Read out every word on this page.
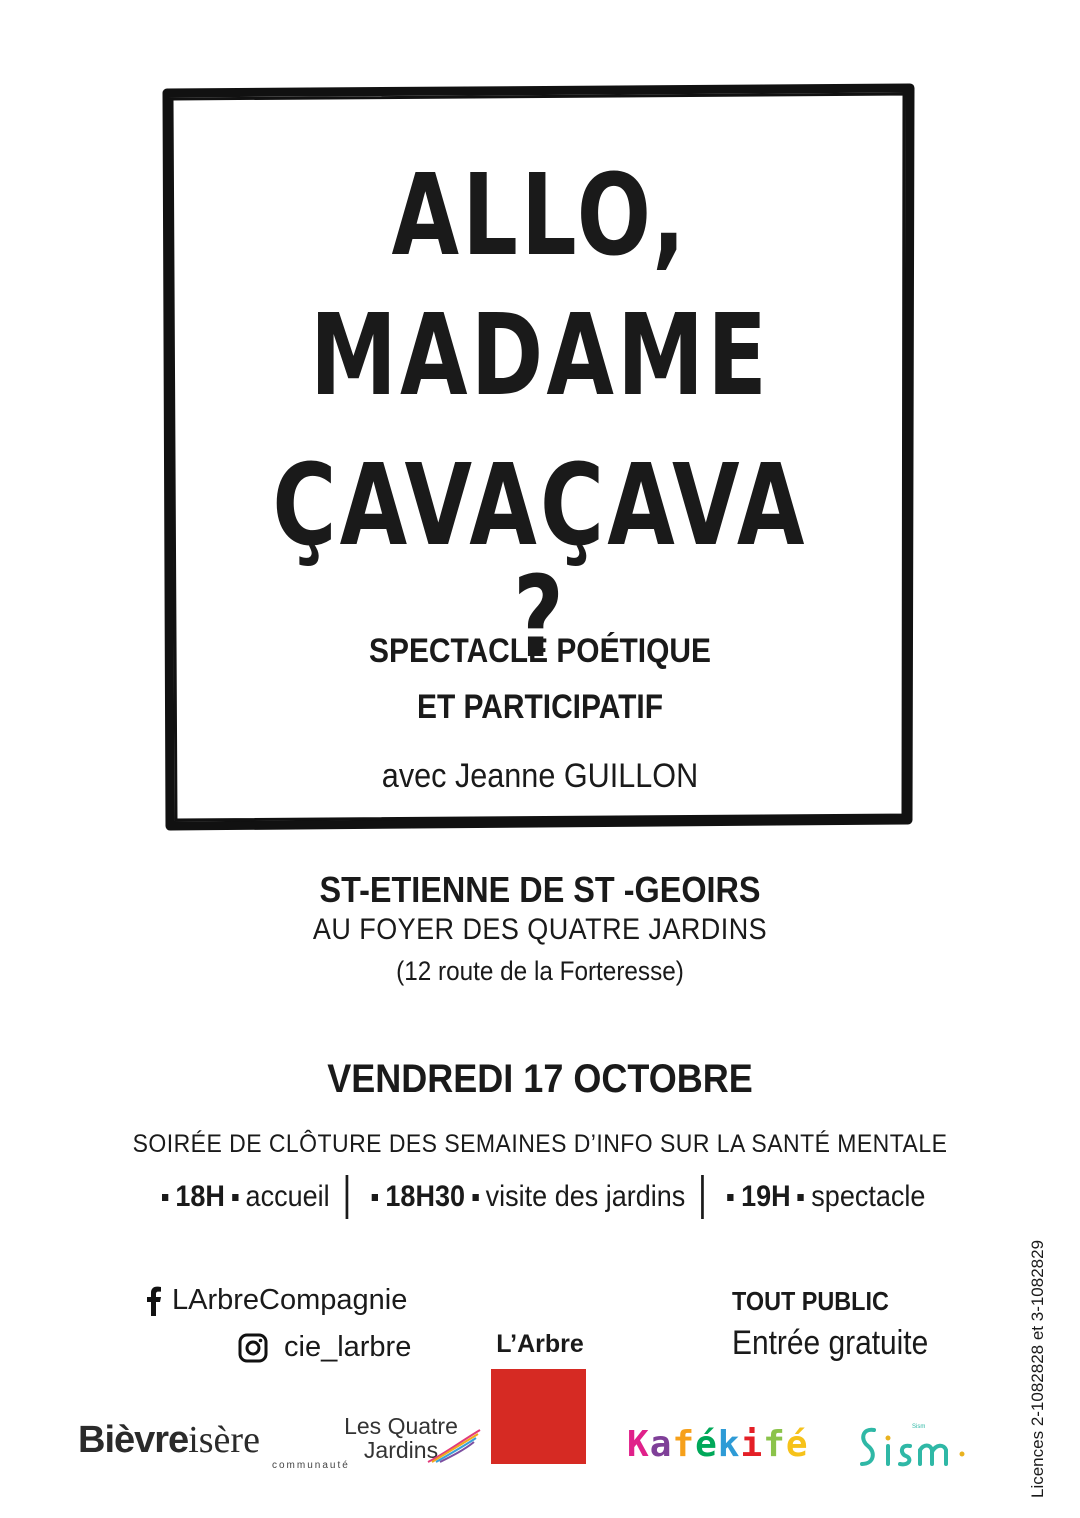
ALLO,
MADAME
ÇAVAÇAVA ?
SPECTACLE POÉTIQUE
ET PARTICIPATIF
avec Jeanne GUILLON
ST-ETIENNE DE ST -GEOIRS
AU FOYER DES QUATRE JARDINS
(12 route de la Forteresse)
VENDREDI 17 OCTOBRE
SOIRÉE DE CLÔTURE DES SEMAINES D’INFO SUR LA SANTÉ MENTALE
18H accueil 18H30 visite des jardins 19H spectacle
LArbreCompagnie
cie_larbre	L’Arbre
TOUT PUBLIC
Entrée gratuite
Bièvreisère
communauté
Les Quatre
Jardins	Kafékifé	Sism	Licences 2-1082828 et 3-1082829
